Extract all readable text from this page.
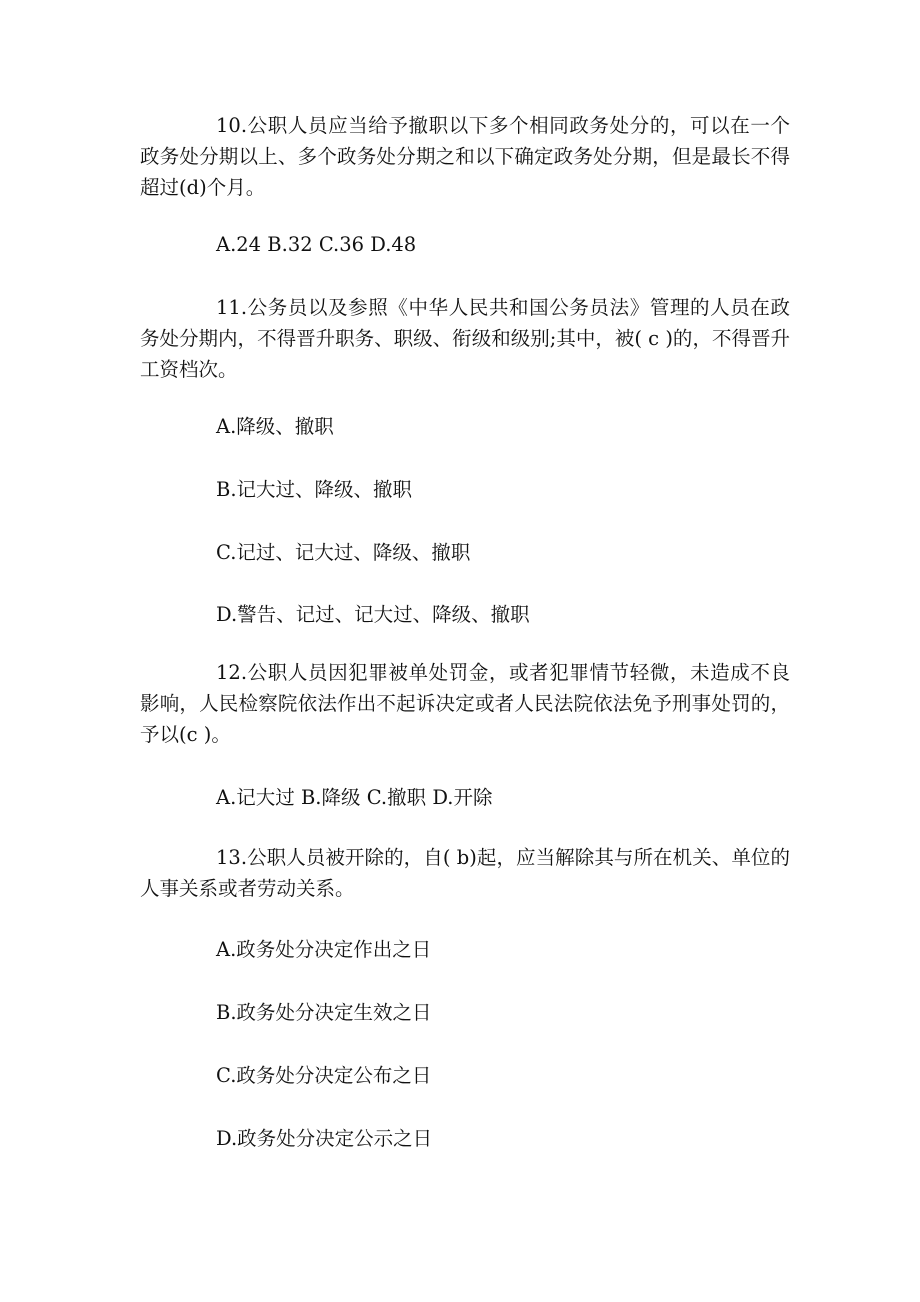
10.公职人员应当给予撤职以下多个相同政务处分的，可以在一个政务处分期以上、多个政务处分期之和以下确定政务处分期，但是最长不得超过(d)个月。

A.24 B.32 C.36 D.48

11.公务员以及参照《中华人民共和国公务员法》管理的人员在政务处分期内，不得晋升职务、职级、衔级和级别;其中，被( c )的，不得晋升工资档次。

A.降级、撤职
B.记大过、降级、撤职
C.记过、记大过、降级、撤职
D.警告、记过、记大过、降级、撤职

12.公职人员因犯罪被单处罚金，或者犯罪情节轻微，未造成不良影响，人民检察院依法作出不起诉决定或者人民法院依法免予刑事处罚的，予以(c )。

A.记大过 B.降级 C.撤职 D.开除

13.公职人员被开除的，自( b)起，应当解除其与所在机关、单位的人事关系或者劳动关系。

A.政务处分决定作出之日
B.政务处分决定生效之日
C.政务处分决定公布之日
D.政务处分决定公示之日
